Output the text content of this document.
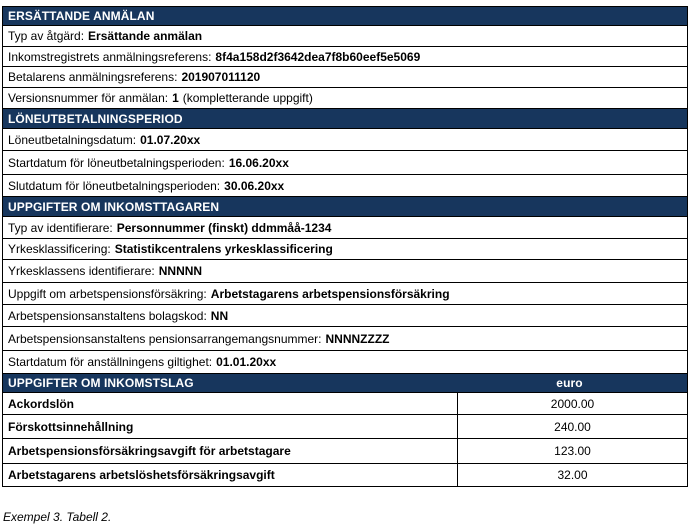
ERSÄTTANDE ANMÄLAN
Typ av åtgärd: Ersättande anmälan
Inkomstregistrets anmälningsreferens: 8f4a158d2f3642dea7f8b60eef5e5069
Betalarens anmälningsreferens: 201907011120
Versionsnummer för anmälan: 1 (kompletterande uppgift)
LÖNEUTBETALNINGSPERIOD
Löneutbetalningsdatum: 01.07.20xx
Startdatum för löneutbetalningsperioden: 16.06.20xx
Slutdatum för löneutbetalningsperioden: 30.06.20xx
UPPGIFTER OM INKOMSTTAGAREN
Typ av identifierare: Personnummer (finskt) ddmmåå-1234
Yrkesklassificering: Statistikcentralens yrkesklassificering
Yrkesklassens identifierare: NNNNN
Uppgift om arbetspensionsförsäkring: Arbetstagarens arbetspensionsförsäkring
Arbetspensionsanstaltens bolagskod: NN
Arbetspensionsanstaltens pensionsarrangemangsnummer: NNNNZZZZ
Startdatum för anställningens giltighet: 01.01.20xx
UPPGIFTER OM INKOMSTSLAG	euro
Ackordslön	2000.00
Förskottsinnehållning	240.00
Arbetspensionsförsäkringsavgift för arbetstagare	123.00
Arbetstagarens arbetslöshetsförsäkringsavgift	32.00
Exempel 3. Tabell 2.
